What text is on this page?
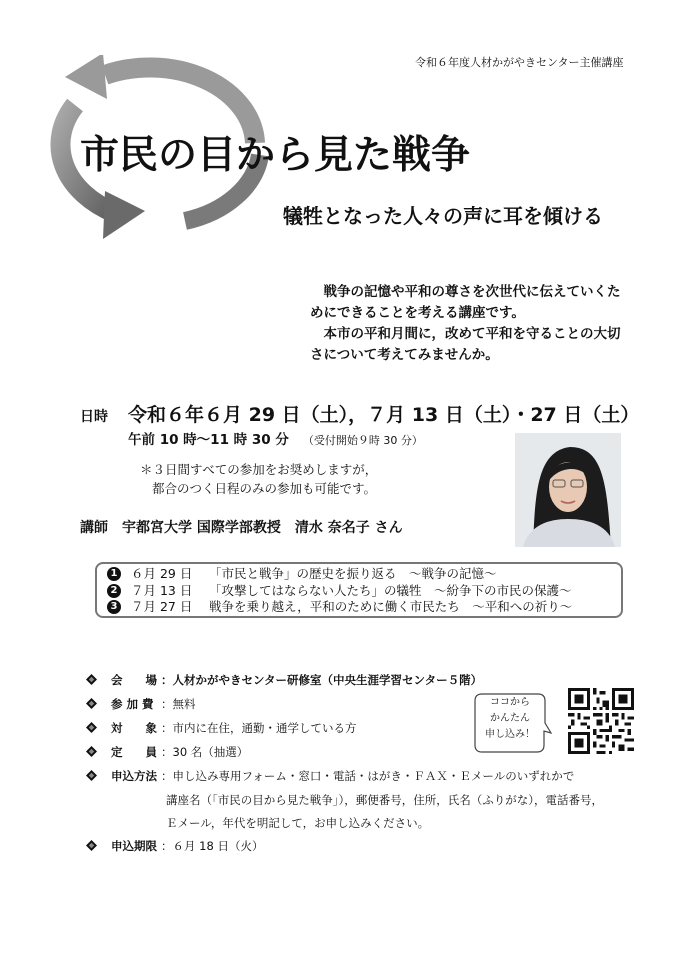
令和６年度人材かがやきセンター主催講座
市民の目から見た戦争
犠牲となった人々の声に耳を傾ける

戦争の記憶や平和の尊さを次世代に伝えていくためにできることを考える講座です。

本市の平和月間に，改めて平和を守ることの大切さについて考えてみませんか。

日時 令和６年６月 29 日（土），７月 13 日（土）・27 日（土）
午前 10 時～11 時 30 分 （受付開始９時 30 分）
＊３日間すべての参加をお奨めしますが，
都合のつく日程のみの参加も可能です。
講師 宇都宮大学 国際学部教授 清水 奈名子 さん
1 ６月 29 日	「市民と戦争」の歴史を振り返る　～戦争の記憶～
2 ７月 13 日	「攻撃してはならない人たち」の犠牲　～紛争下の市民の保護～
3 ７月 27 日	戦争を乗り越え，平和のために働く市民たち　～平和への祈り～
会　　場 ：人材かがやきセンター研修室（中央生涯学習センター５階）
参 加 費 ：無料
対　　象 ：市内に在住，通勤・通学している方
定　　員 ：30 名（抽選）
申込方法 ：申し込み専用フォーム・窓口・電話・はがき・ＦＡＸ・Ｅメールのいずれかで
講座名（「市民の目から見た戦争」），郵便番号，住所，氏名（ふりがな），電話番号，
Ｅメール，年代を明記して，お申し込みください。
申込期限 ：６月 18 日（火）
ココから
かんたん
申し込み！
